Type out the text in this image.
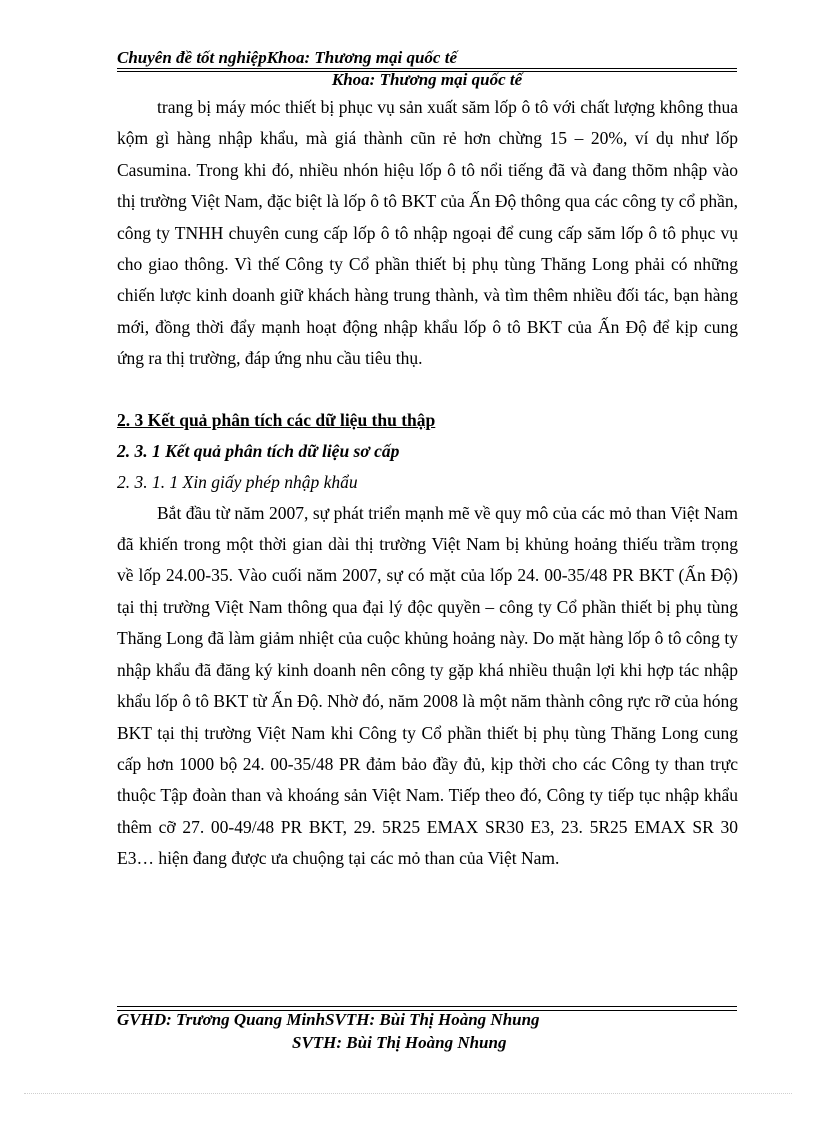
Chuyên đề tốt nghiệpKhoa: Thương mại quốc tế
Khoa: Thương mại quốc tế

trang bị máy móc thiết bị phục vụ sản xuất săm lốp ô tô với chất lượng không thua kộm gì hàng nhập khẩu, mà giá thành cũn rẻ hơn chừng 15 – 20%, ví dụ như lốp Casumina. Trong khi đó, nhiều nhón hiệu lốp ô tô nổi tiếng đã và đang thõm nhập vào thị trường Việt Nam, đặc biệt là lốp ô tô BKT của Ấn Độ thông qua các công ty cổ phần, công ty TNHH chuyên cung cấp lốp ô tô nhập ngoại để cung cấp săm lốp ô tô phục vụ cho giao thông. Vì thế Công ty Cổ phần thiết bị phụ tùng Thăng Long phải có những chiến lược kinh doanh giữ khách hàng trung thành, và tìm thêm nhiều đối tác, bạn hàng mới, đồng thời đẩy mạnh hoạt động nhập khẩu lốp ô tô BKT của Ấn Độ để kịp cung ứng ra thị trường, đáp ứng nhu cầu tiêu thụ.

2. 3 Kết quả phân tích các dữ liệu thu thập

2. 3. 1 Kết quả phân tích dữ liệu sơ cấp

2. 3. 1. 1 Xin giấy phép nhập khẩu

Bắt đầu từ năm 2007, sự phát triển mạnh mẽ về quy mô của các mỏ than Việt Nam đã khiến trong một thời gian dài thị trường Việt Nam bị khủng hoảng thiếu trầm trọng về lốp 24.00-35. Vào cuối năm 2007, sự có mặt của lốp 24. 00-35/48 PR BKT (Ấn Độ) tại thị trường Việt Nam thông qua đại lý độc quyền – công ty Cổ phần thiết bị phụ tùng Thăng Long đã làm giảm nhiệt của cuộc khủng hoảng này. Do mặt hàng lốp ô tô công ty nhập khẩu đã đăng ký kinh doanh nên công ty gặp khá nhiều thuận lợi khi hợp tác nhập khẩu lốp ô tô BKT từ Ấn Độ. Nhờ đó, năm 2008 là một năm thành công rực rỡ của hóng BKT tại thị trường Việt Nam khi Công ty Cổ phần thiết bị phụ tùng Thăng Long cung cấp hơn 1000 bộ 24. 00-35/48 PR đảm bảo đầy đủ, kịp thời cho các Công ty than trực thuộc Tập đoàn than và khoáng sản Việt Nam. Tiếp theo đó, Công ty tiếp tục nhập khẩu thêm cỡ 27. 00-49/48 PR BKT, 29. 5R25 EMAX SR30 E3, 23. 5R25 EMAX SR 30 E3… hiện đang được ưa chuộng tại các mỏ than của Việt Nam.

GVHD: Trương Quang MinhSVTH: Bùi Thị Hoàng Nhung
SVTH: Bùi Thị Hoàng Nhung
